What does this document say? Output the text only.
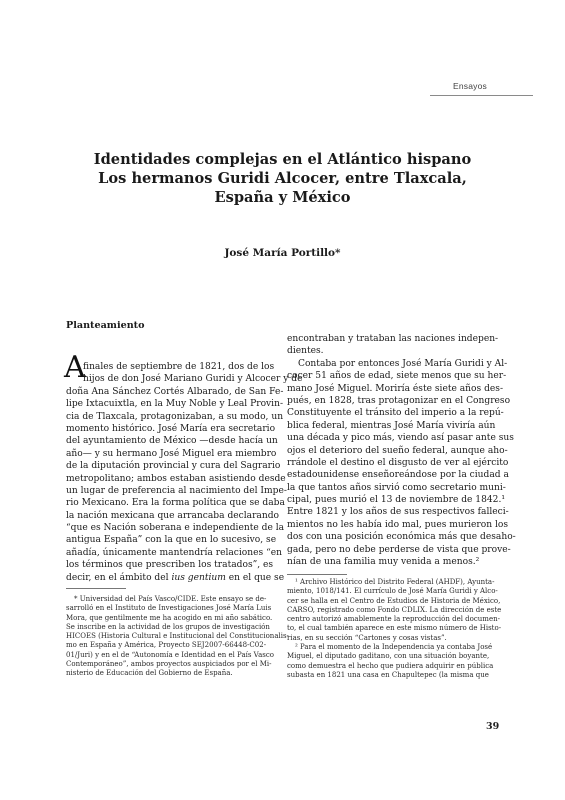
Ensayos
Identidades complejas en el Atlántico hispano
Los hermanos Guridi Alcocer, entre Tlaxcala,
España y México
José María Portillo*
Planteamiento
A
finales de septiembre de 1821, dos de los
hijos de don José Mariano Guridi y Alcocer y de
doña Ana Sánchez Cortés Albarado, de San Fe-
lipe Ixtacuixtla, en la Muy Noble y Leal Provin-
cia de Tlaxcala, protagonizaban, a su modo, un
momento histórico. José María era secretario
del ayuntamiento de México —desde hacía un
año— y su hermano José Miguel era miembro
de la diputación provincial y cura del Sagrario
metropolitano; ambos estaban asistiendo desde
un lugar de preferencia al nacimiento del Impe-
rio Mexicano. Era la forma política que se daba
la nación mexicana que arrancaba declarando
“que es Nación soberana e independiente de la
antigua España” con la que en lo sucesivo, se
añadía, únicamente mantendría relaciones “en
los términos que prescriben los tratados”, es
decir, en el ámbito del ius gentium en el que se
encontraban y trataban las naciones indepen-
dientes.
Contaba por entonces José María Guridi y Al-
cocer 51 años de edad, siete menos que su her-
mano José Miguel. Moriría éste siete años des-
pués, en 1828, tras protagonizar en el Congreso
Constituyente el tránsito del imperio a la repú-
blica federal, mientras José María viviría aún
una década y pico más, viendo así pasar ante sus
ojos el deterioro del sueño federal, aunque aho-
rrándole el destino el disgusto de ver al ejército
estadounidense enseñoreándose por la ciudad a
la que tantos años sirvió como secretario muni-
cipal, pues murió el 13 de noviembre de 1842.¹
Entre 1821 y los años de sus respectivos falleci-
mientos no les había ido mal, pues murieron los
dos con una posición económica más que desaho-
gada, pero no debe perderse de vista que prove-
nían de una familia muy venida a menos.²
* Universidad del País Vasco/CIDE. Este ensayo se de-
sarrolló en el Instituto de Investigaciones José María Luis
Mora, que gentilmente me ha acogido en mi año sabático.
Se inscribe en la actividad de los grupos de investigación
HICOES (Historia Cultural e Institucional del Constitucionalis-
mo en España y América, Proyecto SEJ2007-66448-C02-
01/Juri) y en el de “Autonomía e Identidad en el País Vasco
Contemporáneo”, ambos proyectos auspiciados por el Mi-
nisterio de Educación del Gobierno de España.
¹ Archivo Histórico del Distrito Federal (AHDF), Ayunta-
miento, 1018/141. El currículo de José María Guridi y Alco-
cer se halla en el Centro de Estudios de Historia de México,
CARSO, registrado como Fondo CDLIX. La dirección de este
centro autorizó amablemente la reproducción del documen-
to, el cual también aparece en este mismo número de Histo-
rias, en su sección “Cartones y cosas vistas”.
² Para el momento de la Independencia ya contaba José
Miguel, el diputado gaditano, con una situación boyante,
como demuestra el hecho que pudiera adquirir en pública
subasta en 1821 una casa en Chapultepec (la misma que
39
